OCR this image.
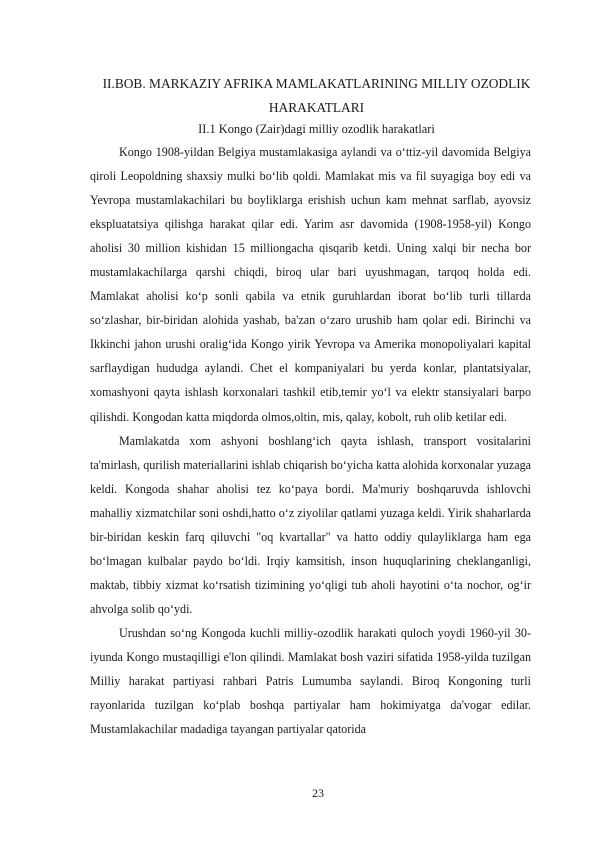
II.BOB. MARKAZIY AFRIKA MAMLAKATLARINING MILLIY OZODLIK HARAKATLARI
II.1 Kongo (Zair)dagi milliy ozodlik harakatlari

Kongo 1908-yildan Belgiya mustamlakasiga aylandi va o‘ttiz-yil davomida Belgiya qiroli Leopoldning shaxsiy mulki bo‘lib qoldi. Mamlakat mis va fil suyagiga boy edi va Yevropa mustamlakachilari bu boyliklarga erishish uchun kam mehnat sarflab, ayovsiz ekspluatatsiya qilishga harakat qilar edi. Yarim asr davomida (1908-1958-yil) Kongo aholisi 30 million kishidan 15 milliongacha qisqarib ketdi. Uning xalqi bir necha bor mustamlakachilarga qarshi chiqdi, biroq ular bari uyushmagan, tarqoq holda edi. Mamlakat aholisi ko‘p sonli qabila va etnik guruhlardan iborat bo‘lib turli tillarda so‘zlashar, bir-biridan alohida yashab, ba'zan o‘zaro urushib ham qolar edi. Birinchi va Ikkinchi jahon urushi oralig‘ida Kongo yirik Yevropa va Amerika monopoliyalari kapital sarflaydigan hududga aylandi. Chet el kompaniyalari bu yerda konlar, plantatsiyalar, xomashyoni qayta ishlash korxonalari tashkil etib,temir yo‘l va elektr stansiyalari barpo qilishdi. Kongodan katta miqdorda olmos,oltin, mis, qalay, kobolt, ruh olib ketilar edi.

Mamlakatda xom ashyoni boshlang‘ich qayta ishlash, transport vositalarini ta'mirlash, qurilish materiallarini ishlab chiqarish bo‘yicha katta alohida korxonalar yuzaga keldi. Kongoda shahar aholisi tez ko‘paya bordi. Ma'muriy boshqaruvda ishlovchi mahalliy xizmatchilar soni oshdi,hatto o‘z ziyolilar qatlami yuzaga keldi. Yirik shaharlarda bir-biridan keskin farq qiluvchi "oq kvartallar" va hatto oddiy qulayliklarga ham ega bo‘lmagan kulbalar paydo bo‘ldi. Irqiy kamsitish, inson huquqlarining cheklanganligi, maktab, tibbiy xizmat ko‘rsatish tizimining yo‘qligi tub aholi hayotini o‘ta nochor, og‘ir ahvolga solib qo‘ydi.

Urushdan so‘ng Kongoda kuchli milliy-ozodlik harakati quloch yoydi 1960-yil 30-iyunda Kongo mustaqilligi e'lon qilindi. Mamlakat bosh vaziri sifatida 1958-yilda tuzilgan Milliy harakat partiyasi rahbari Patris Lumumba saylandi. Biroq Kongoning turli rayonlarida tuzilgan ko‘plab boshqa partiyalar ham hokimiyatga da'vogar edilar. Mustamlakachilar madadiga tayangan partiyalar qatorida

23
